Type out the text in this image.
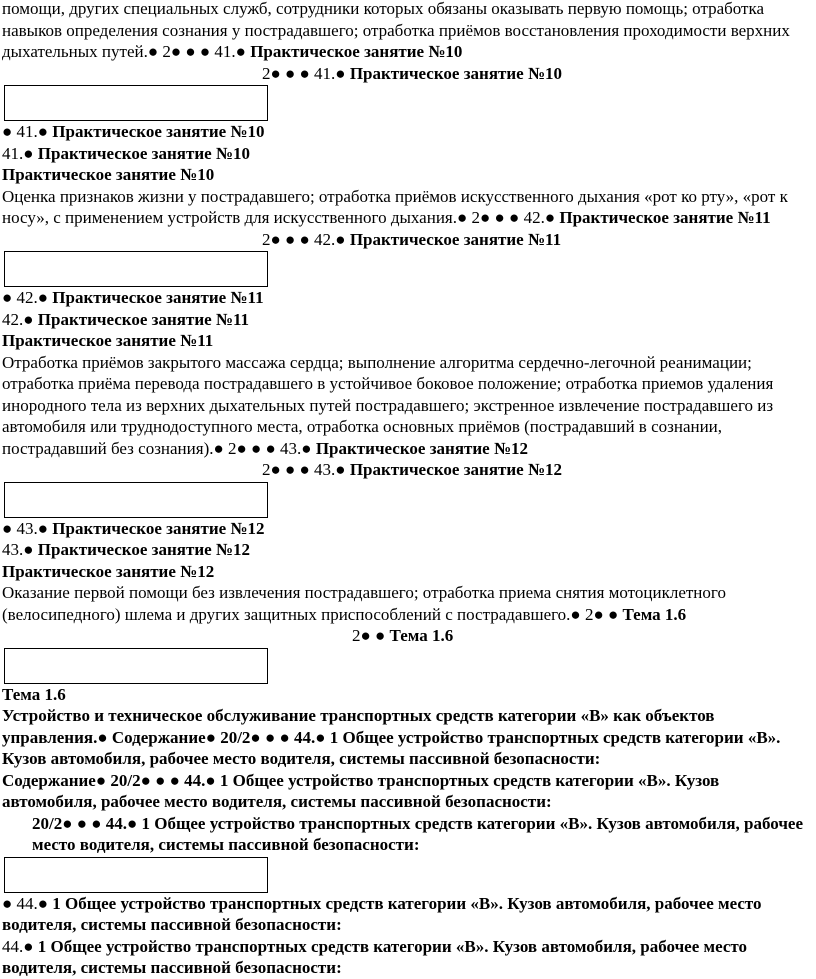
помощи, других специальных служб, сотрудники которых обязаны оказывать первую помощь; отработка навыков определения сознания у пострадавшего; отработка приёмов восстановления проходимости верхних дыхательных путей.● 2● ● ● 41.● Практическое занятие №10

2● ● ● 41.● Практическое занятие №10

● 41.● Практическое занятие №10

41.● Практическое занятие №10

Практическое занятие №10

Оценка признаков жизни у пострадавшего; отработка приёмов искусственного дыхания «рот ко рту», «рот к носу», с применением устройств для искусственного дыхания.● 2● ● ● 42.● Практическое занятие №11

2● ● ● 42.● Практическое занятие №11

● 42.● Практическое занятие №11

42.● Практическое занятие №11

Практическое занятие №11

Отработка приёмов закрытого массажа сердца; выполнение алгоритма сердечно-легочной реанимации; отработка приёма перевода пострадавшего в устойчивое боковое положение; отработка приемов удаления инородного тела из верхних дыхательных путей пострадавшего; экстренное извлечение пострадавшего из автомобиля или труднодоступного места, отработка основных приёмов (пострадавший в сознании, пострадавший без сознания).● 2● ● ● 43.● Практическое занятие №12

2● ● ● 43.● Практическое занятие №12

● 43.● Практическое занятие №12

43.● Практическое занятие №12

Практическое занятие №12

Оказание первой помощи без извлечения пострадавшего; отработка приема снятия мотоциклетного (велосипедного) шлема и других защитных приспособлений с пострадавшего.● 2● ● Тема 1.6

2● ● Тема 1.6

Тема 1.6

Устройство и техническое обслуживание транспортных средств категории «В» как объектов управления.● Содержание● 20/2● ● ● 44.● 1 Общее устройство транспортных средств категории «В». Кузов автомобиля, рабочее место водителя, системы пассивной безопасности:

Содержание● 20/2● ● ● 44.● 1 Общее устройство транспортных средств категории «В». Кузов автомобиля, рабочее место водителя, системы пассивной безопасности:

20/2● ● ● 44.● 1 Общее устройство транспортных средств категории «В». Кузов автомобиля, рабочее место водителя, системы пассивной безопасности:

● 44.● 1 Общее устройство транспортных средств категории «В». Кузов автомобиля, рабочее место водителя, системы пассивной безопасности:

44.● 1 Общее устройство транспортных средств категории «В». Кузов автомобиля, рабочее место водителя, системы пассивной безопасности:
